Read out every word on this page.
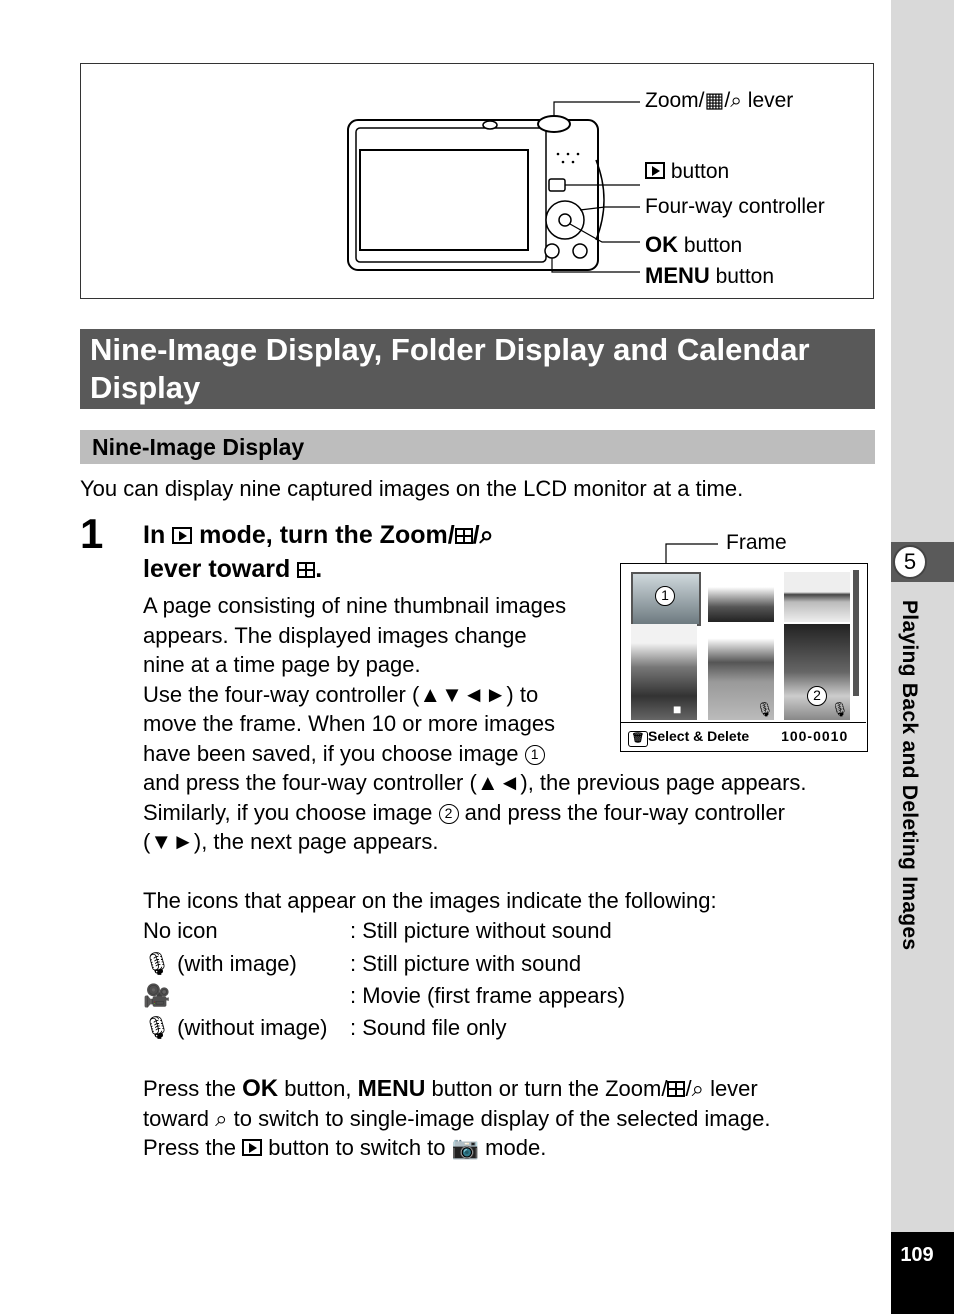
5
Playing Back and Deleting Images
109
Zoom/▦/⌕ lever
button
Four-way controller
OK button
MENU button
Nine-Image Display, Folder Display and Calendar Display
Nine-Image Display
You can display nine captured images on the LCD monitor at a time.
1 In mode, turn the Zoom/ /⌕
lever toward .
A page consisting of nine thumbnail images
appears. The displayed images change
nine at a time page by page.
Use the four-way controller (▲▼◄►) to
move the frame. When 10 or more images
have been saved, if you choose image 1
and press the four-way controller (▲◄), the previous page appears.
Similarly, if you choose image 2 and press the four-way controller
(▼►), the next page appears.
Frame
1
2
■	🎙	🎙
🗑 Select & Delete 100-0010
The icons that appear on the images indicate the following:
No icon	: Still picture without sound
🎙 (with image) : Still picture with sound
🎥	: Movie (first frame appears)
🎙 (without image) : Sound file only
Press the OK button, MENU button or turn the Zoom/ /⌕ lever
toward ⌕ to switch to single-image display of the selected image.
Press the button to switch to 📷 mode.
